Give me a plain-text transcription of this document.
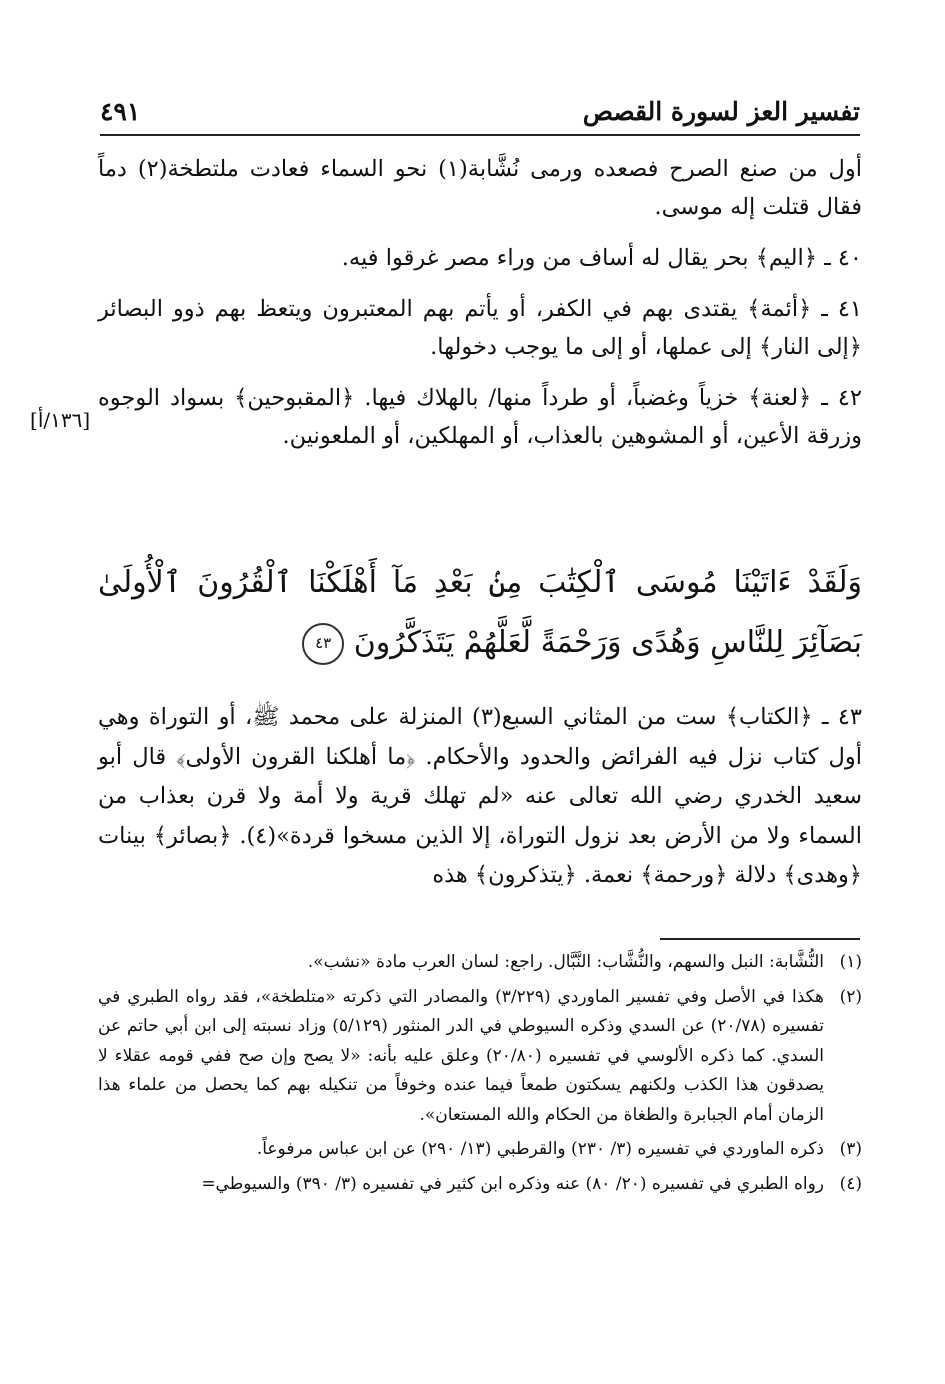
تفسير العز لسورة القصص
٤٩١

أول من صنع الصرح فصعده ورمى نُشَّابة(١) نحو السماء فعادت ملتطخة(٢) دماً فقال قتلت إله موسى.

٤٠ ـ ﴿اليم﴾ بحر يقال له أساف من وراء مصر غرقوا فيه.

٤١ ـ ﴿أئمة﴾ يقتدى بهم في الكفر، أو يأتم بهم المعتبرون ويتعظ بهم ذوو البصائر ﴿إلى النار﴾ إلى عملها، أو إلى ما يوجب دخولها.

٤٢ ـ ﴿لعنة﴾ خزياً وغضباً، أو طرداً منها/ بالهلاك فيها. ﴿المقبوحين﴾ بسواد الوجوه وزرقة الأعين، أو المشوهين بالعذاب، أو المهلكين، أو الملعونين.

[١٣٦/أ]
وَلَقَدْ ءَاتَيْنَا مُوسَى ٱلْكِتَٰبَ مِنۢ بَعْدِ مَآ أَهْلَكْنَا ٱلْقُرُونَ ٱلْأُولَىٰ بَصَآئِرَ لِلنَّاسِ وَهُدًى وَرَحْمَةً لَّعَلَّهُمْ يَتَذَكَّرُونَ ٤٣
٤٣ ـ ﴿الكتاب﴾ ست من المثاني السبع(٣) المنزلة على محمد ﷺ، أو التوراة وهي أول كتاب نزل فيه الفرائض والحدود والأحكام. ﴿ما أهلكنا القرون الأولى﴾ قال أبو سعيد الخدري رضي الله تعالى عنه «لم تهلك قرية ولا أمة ولا قرن بعذاب من السماء ولا من الأرض بعد نزول التوراة، إلا الذين مسخوا قردة»(٤). ﴿بصائر﴾ بينات ﴿وهدى﴾ دلالة ﴿ورحمة﴾ نعمة. ﴿يتذكرون﴾ هذه
(١)
النُّشَّابة: النبل والسهم، والنُّشَّاب: النَّبَّال. راجع: لسان العرب مادة «نشب».
(٢)
هكذا في الأصل وفي تفسير الماوردي (٣/٢٢٩) والمصادر التي ذكرته «متلطخة»، فقد رواه الطبري في تفسيره (٢٠/٧٨) عن السدي وذكره السيوطي في الدر المنثور (٥/١٢٩) وزاد نسبته إلى ابن أبي حاتم عن السدي. كما ذكره الألوسي في تفسيره (٢٠/٨٠) وعلق عليه بأنه: «لا يصح وإن صح ففي قومه عقلاء لا يصدقون هذا الكذب ولكنهم يسكتون طمعاً فيما عنده وخوفاً من تنكيله بهم كما يحصل من علماء هذا الزمان أمام الجبابرة والطغاة من الحكام والله المستعان».
(٣)
ذكره الماوردي في تفسيره (٣/ ٢٣٠) والقرطبي (١٣/ ٢٩٠) عن ابن عباس مرفوعاً.
(٤)
رواه الطبري في تفسيره (٢٠/ ٨٠) عنه وذكره ابن كثير في تفسيره (٣/ ٣٩٠) والسيوطي=
